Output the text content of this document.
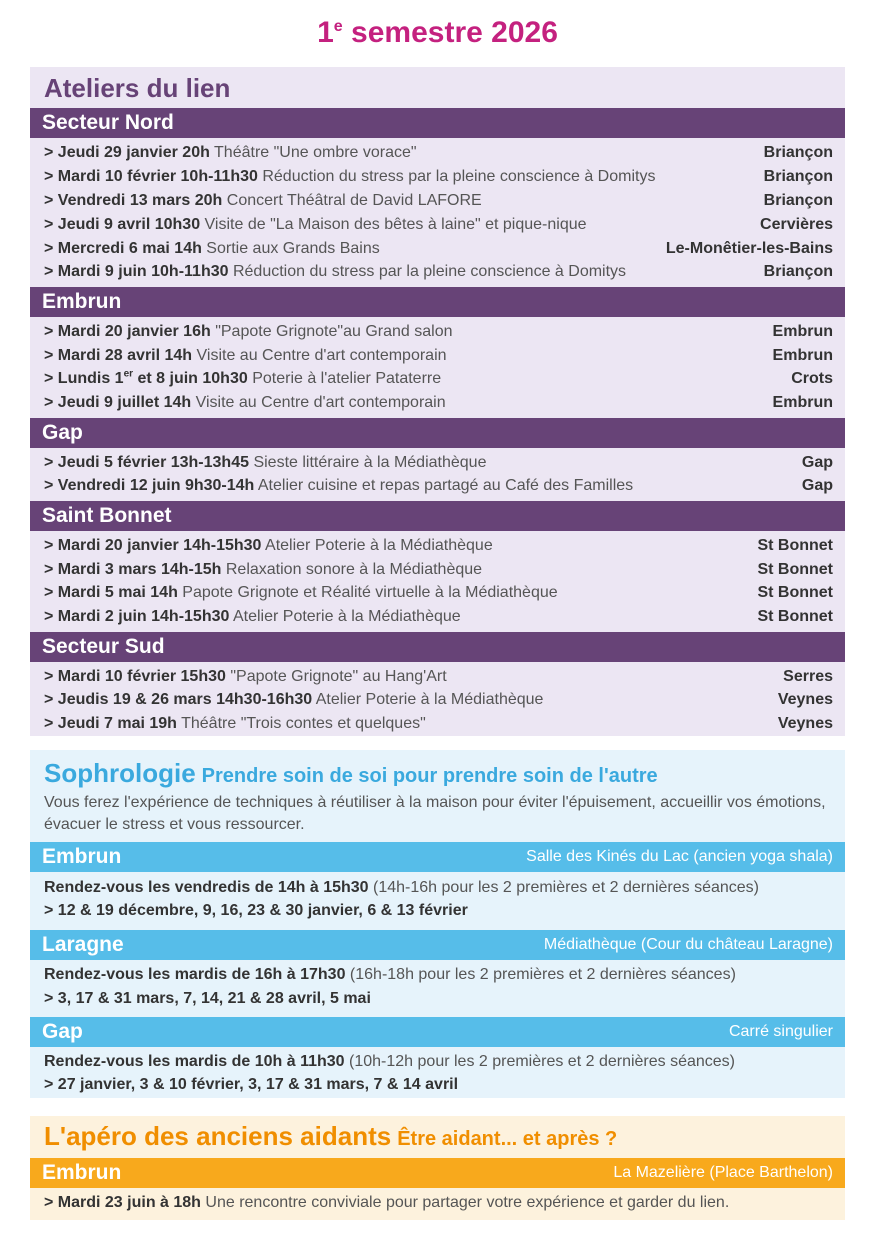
1e semestre 2026
Ateliers du lien
Secteur Nord
> Jeudi 29 janvier 20h Théâtre "Une ombre vorace"	Briançon
> Mardi 10 février 10h-11h30 Réduction du stress par la pleine conscience à Domitys	Briançon
> Vendredi 13 mars 20h Concert Théâtral de David LAFORE	Briançon
> Jeudi 9 avril 10h30 Visite de "La Maison des bêtes à laine" et pique-nique	Cervières
> Mercredi 6 mai 14h Sortie aux Grands Bains	Le-Monêtier-les-Bains
> Mardi 9 juin 10h-11h30 Réduction du stress par la pleine conscience à Domitys	Briançon
Embrun
> Mardi 20 janvier 16h "Papote Grignote"au Grand salon	Embrun
> Mardi 28 avril 14h Visite au Centre d'art contemporain	Embrun
> Lundis 1er et 8 juin 10h30 Poterie à l'atelier Pataterre	Crots
> Jeudi 9 juillet 14h Visite au Centre d'art contemporain	Embrun
Gap
> Jeudi 5 février 13h-13h45 Sieste littéraire à la Médiathèque	Gap
> Vendredi 12 juin 9h30-14h Atelier cuisine et repas partagé au Café des Familles	Gap
Saint Bonnet
> Mardi 20 janvier 14h-15h30 Atelier Poterie à la Médiathèque	St Bonnet
> Mardi 3 mars 14h-15h Relaxation sonore à la Médiathèque	St Bonnet
> Mardi 5 mai 14h Papote Grignote et Réalité virtuelle à la Médiathèque	St Bonnet
> Mardi 2 juin 14h-15h30 Atelier Poterie à la Médiathèque	St Bonnet
Secteur Sud
> Mardi 10 février 15h30 "Papote Grignote" au Hang'Art	Serres
> Jeudis 19 & 26 mars 14h30-16h30 Atelier Poterie à la Médiathèque	Veynes
> Jeudi 7 mai 19h Théâtre "Trois contes et quelques"	Veynes
Sophrologie Prendre soin de soi pour prendre soin de l'autre
Vous ferez l'expérience de techniques à réutiliser à la maison pour éviter l'épuisement, accueillir vos émotions, évacuer le stress et vous ressourcer.
Embrun	Salle des Kinés du Lac (ancien yoga shala)
Rendez-vous les vendredis de 14h à 15h30 (14h-16h pour les 2 premières et 2 dernières séances)
> 12 & 19 décembre, 9, 16, 23 & 30 janvier, 6 & 13 février
Laragne	Médiathèque (Cour du château Laragne)
Rendez-vous les mardis de 16h à 17h30 (16h-18h pour les 2 premières et 2 dernières séances)
> 3, 17 & 31 mars, 7, 14, 21 & 28 avril, 5 mai
Gap	Carré singulier
Rendez-vous les mardis de 10h à 11h30 (10h-12h pour les 2 premières et 2 dernières séances)
> 27 janvier, 3 & 10 février, 3, 17 & 31 mars, 7 & 14 avril
L'apéro des anciens aidants Être aidant... et après ?
Embrun	La Mazelière (Place Barthelon)
> Mardi 23 juin à 18h Une rencontre conviviale pour partager votre expérience et garder du lien.
